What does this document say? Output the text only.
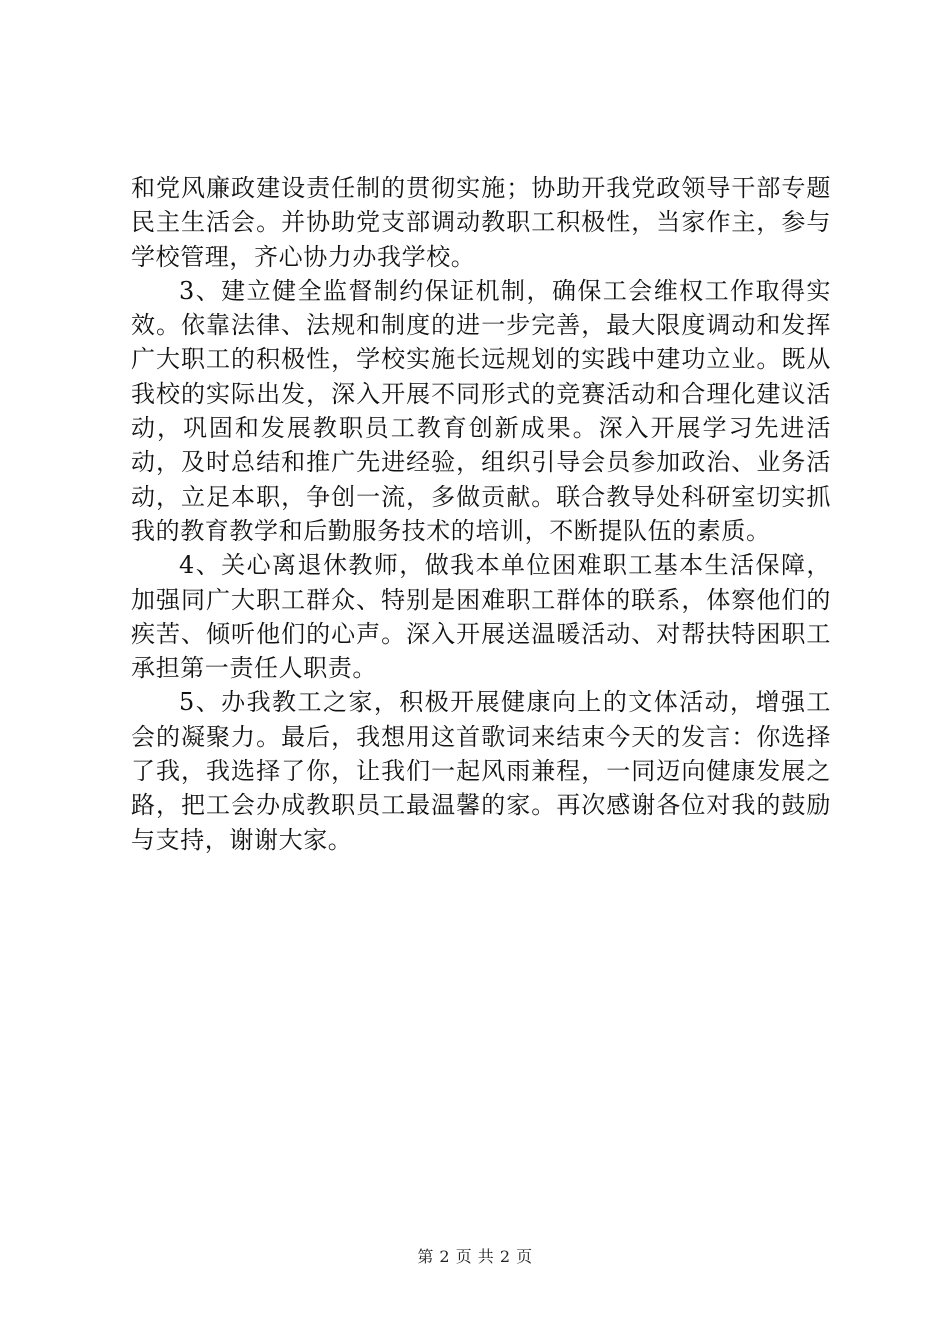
和党风廉政建设责任制的贯彻实施；协助开我党政领导干部专题民主生活会。并协助党支部调动教职工积极性，当家作主，参与学校管理，齐心协力办我学校。

3、建立健全监督制约保证机制，确保工会维权工作取得实效。依靠法律、法规和制度的进一步完善，最大限度调动和发挥广大职工的积极性，学校实施长远规划的实践中建功立业。既从我校的实际出发，深入开展不同形式的竞赛活动和合理化建议活动，巩固和发展教职员工教育创新成果。深入开展学习先进活动，及时总结和推广先进经验，组织引导会员参加政治、业务活动，立足本职，争创一流，多做贡献。联合教导处科研室切实抓我的教育教学和后勤服务技术的培训，不断提队伍的素质。

4、关心离退休教师，做我本单位困难职工基本生活保障，加强同广大职工群众、特别是困难职工群体的联系，体察他们的疾苦、倾听他们的心声。深入开展送温暖活动、对帮扶特困职工承担第一责任人职责。

5、办我教工之家，积极开展健康向上的文体活动，增强工会的凝聚力。最后，我想用这首歌词来结束今天的发言：你选择了我，我选择了你，让我们一起风雨兼程，一同迈向健康发展之路，把工会办成教职员工最温馨的家。再次感谢各位对我的鼓励与支持，谢谢大家。

第 2 页 共 2 页
